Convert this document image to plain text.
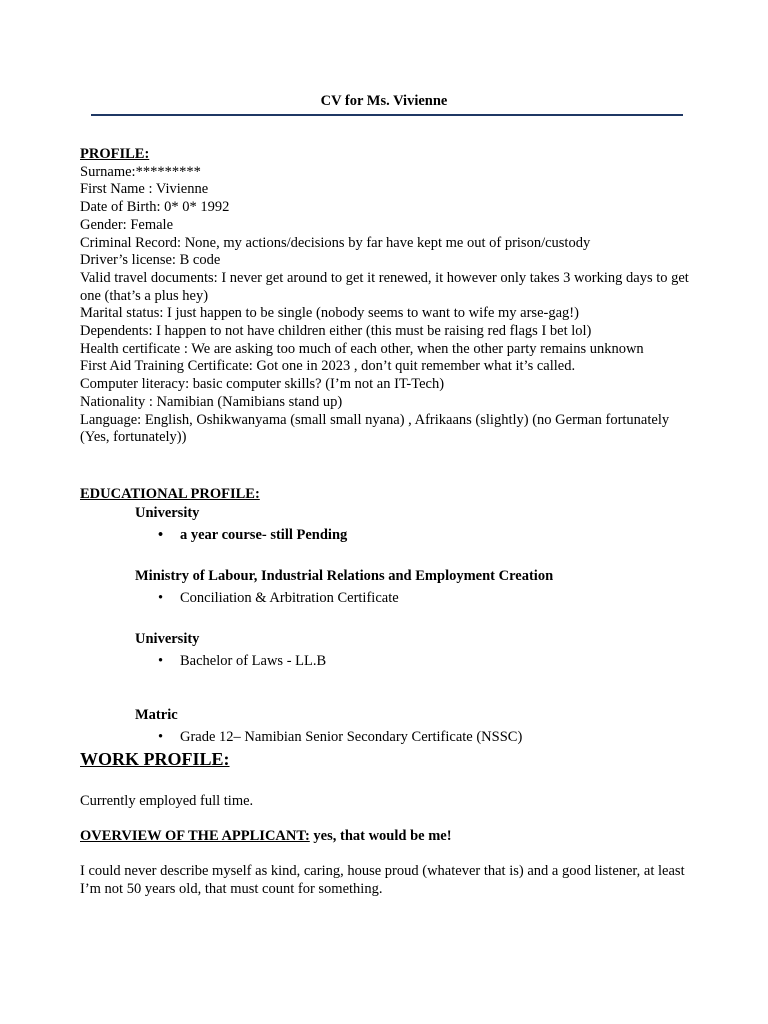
CV for Ms. Vivienne
PROFILE:
Surname:*********
First Name : Vivienne
Date of Birth: 0* 0* 1992
Gender: Female
Criminal Record: None, my actions/decisions by far have kept me out of prison/custody
Driver’s license: B code
Valid travel documents: I never get around to get it renewed, it however only takes 3 working days to get one (that’s a plus hey)
Marital status: I just happen to be single (nobody seems to want to wife my arse-gag!)
Dependents: I happen to not have children either (this must be raising red flags I bet lol)
Health certificate : We are asking too much of each other, when the other party remains unknown
First Aid Training Certificate: Got one in 2023 , don’t quit remember what it’s called.
Computer literacy: basic computer skills? (I’m not an IT-Tech)
Nationality : Namibian (Namibians stand up)
Language: English, Oshikwanyama (small small nyana) , Afrikaans (slightly) (no German fortunately (Yes, fortunately))
EDUCATIONAL PROFILE:
University
• a year course- still Pending
Ministry of Labour, Industrial Relations and Employment Creation
• Conciliation & Arbitration Certificate
University
• Bachelor of Laws - LL.B
Matric
• Grade 12– Namibian Senior Secondary Certificate (NSSC)
WORK PROFILE:
Currently employed full time.
OVERVIEW OF THE APPLICANT: yes, that would be me!
I could never describe myself as kind, caring, house proud (whatever that is) and a good listener, at least I’m not 50 years old, that must count for something.
